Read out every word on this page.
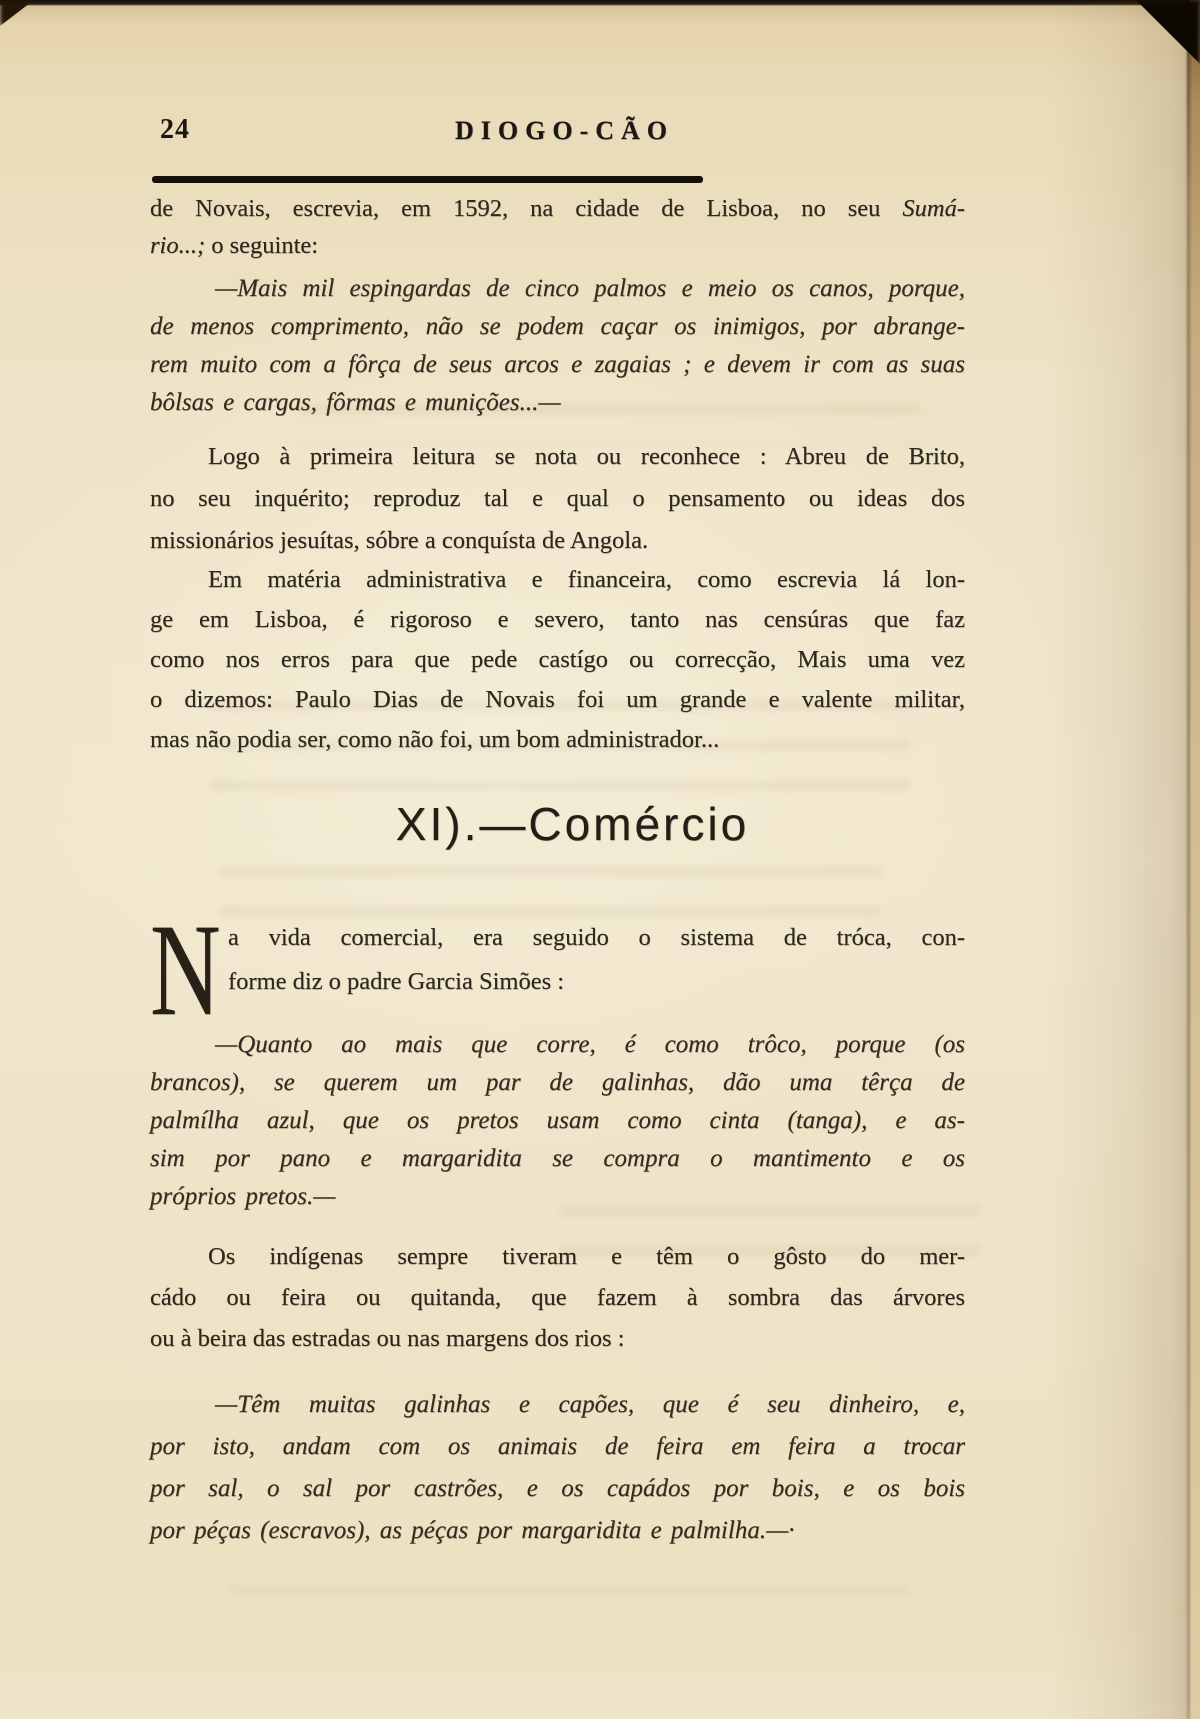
24	DIOGO-CÃO
de Novais, escrevia, em 1592, na cidade de Lisboa, no seu Sumá-
rio...; o seguinte:
—Mais mil espingardas de cinco palmos e meio os canos, porque,
de menos comprimento, não se podem caçar os inimigos, por abrange-
rem muito com a fôrça de seus arcos e zagaias ; e devem ir com as suas
bôlsas e cargas, fôrmas e munições...—
Logo à primeira leitura se nota ou reconhece : Abreu de Brito,
no seu inquérito; reproduz tal e qual o pensamento ou ideas dos
missionários jesuítas, sóbre a conquísta de Angola.
Em matéria administrativa e financeira, como escrevia lá lon-
ge em Lisboa, é rigoroso e severo, tanto nas censúras que faz
como nos erros para que pede castígo ou correcção, Mais uma vez
o dizemos: Paulo Dias de Novais foi um grande e valente militar,
mas não podia ser, como não foi, um bom administrador...
XI).—Comércio
N a vida comercial, era seguido o sistema de tróca, con-
forme diz o padre Garcia Simões :
—Quanto ao mais que corre, é como trôco, porque (os
brancos), se querem um par de galinhas, dão uma têrça de
palmílha azul, que os pretos usam como cinta (tanga), e as-
sim por pano e margaridita se compra o mantimento e os
próprios pretos.—
Os indígenas sempre tiveram e têm o gôsto do mer-
cádo ou feira ou quitanda, que fazem à sombra das árvores
ou à beira das estradas ou nas margens dos rios :
—Têm muitas galinhas e capões, que é seu dinheiro, e,
por isto, andam com os animais de feira em feira a trocar
por sal, o sal por castrões, e os capádos por bois, e os bois
por péças (escravos), as péças por margaridita e palmilha.—·
